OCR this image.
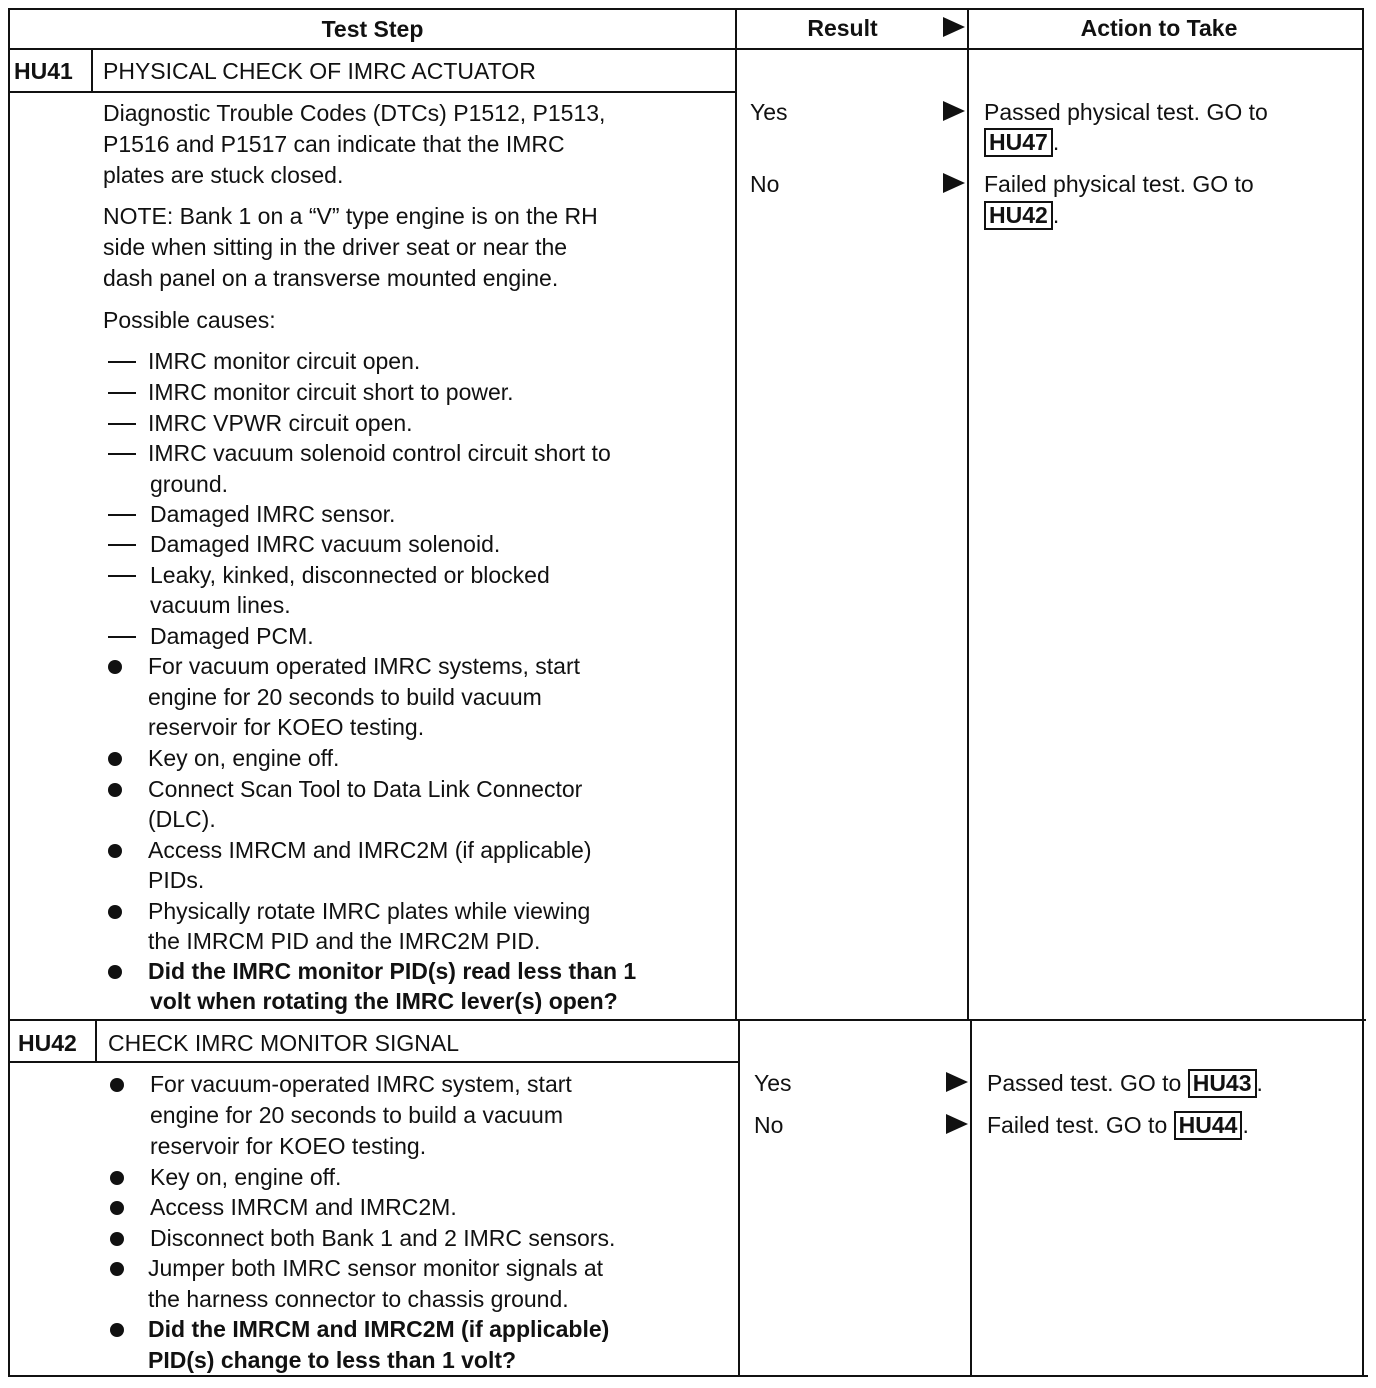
Test Step	Result	Action to Take
HU41 PHYSICAL CHECK OF IMRC ACTUATOR
Diagnostic Trouble Codes (DTCs) P1512, P1513,
P1516 and P1517 can indicate that the IMRC
plates are stuck closed.
NOTE: Bank 1 on a “V” type engine is on the RH
side when sitting in the driver seat or near the
dash panel on a transverse mounted engine.
Possible causes:
IMRC monitor circuit open.
IMRC monitor circuit short to power.
IMRC VPWR circuit open.
IMRC vacuum solenoid control circuit short to
ground.
Damaged IMRC sensor.
Damaged IMRC vacuum solenoid.
Leaky, kinked, disconnected or blocked
vacuum lines.
Damaged PCM.
For vacuum operated IMRC systems, start
engine for 20 seconds to build vacuum
reservoir for KOEO testing.
Key on, engine off.
Connect Scan Tool to Data Link Connector
(DLC).
Access IMRCM and IMRC2M (if applicable)
PIDs.
Physically rotate IMRC plates while viewing
the IMRCM PID and the IMRC2M PID.
Did the IMRC monitor PID(s) read less than 1
volt when rotating the IMRC lever(s) open?
Yes
No
Passed physical test. GO to
HU47 .
Failed physical test. GO to
HU42 .
HU42 CHECK IMRC MONITOR SIGNAL
For vacuum-operated IMRC system, start
engine for 20 seconds to build a vacuum
reservoir for KOEO testing.
Key on, engine off.
Access IMRCM and IMRC2M.
Disconnect both Bank 1 and 2 IMRC sensors.
Jumper both IMRC sensor monitor signals at
the harness connector to chassis ground.
Did the IMRCM and IMRC2M (if applicable)
PID(s) change to less than 1 volt?
Yes
No
Passed test. GO to HU43 .
Failed test. GO to HU44 .
